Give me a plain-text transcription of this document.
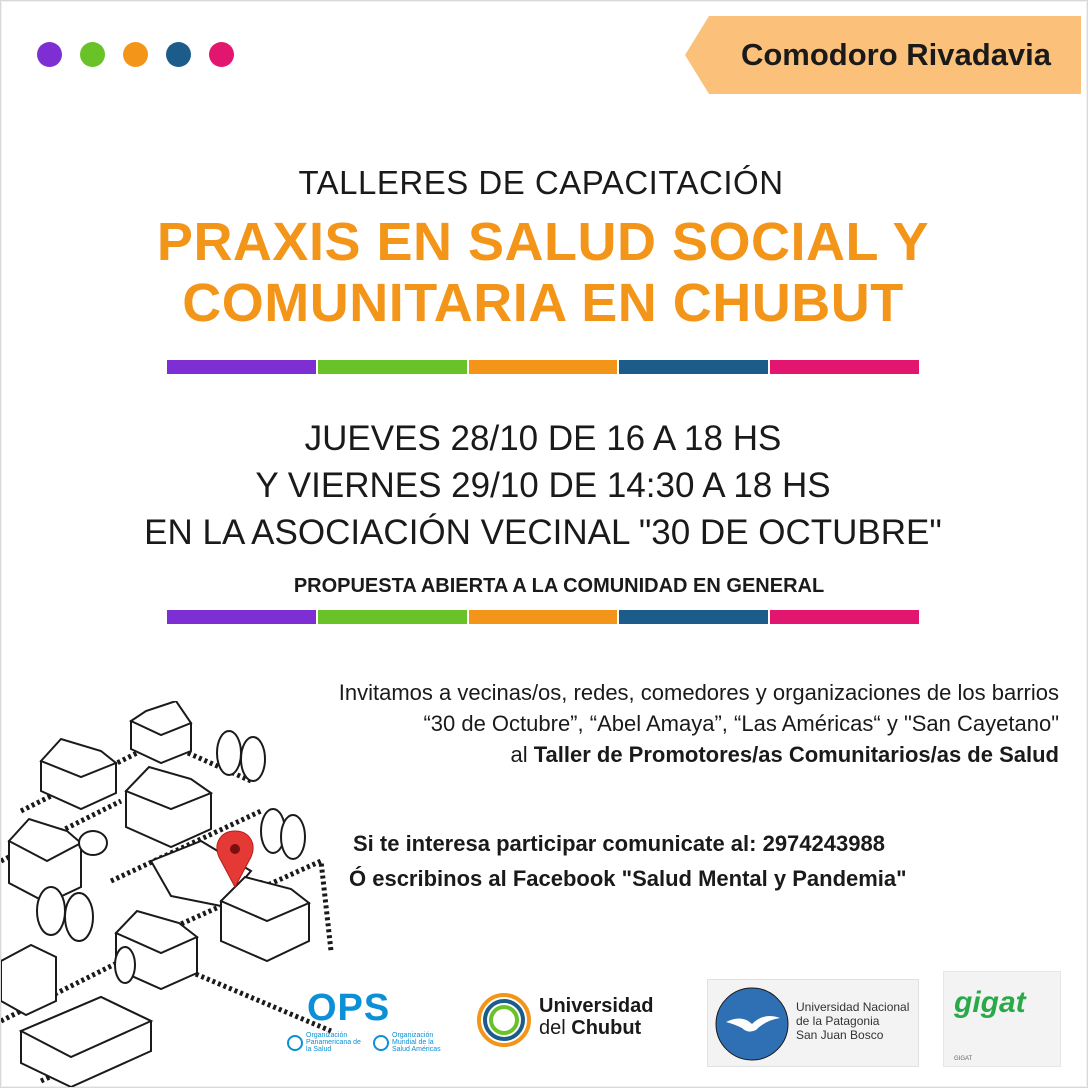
Comodoro Rivadavia
TALLERES DE CAPACITACIÓN
PRAXIS EN SALUD SOCIAL Y
COMUNITARIA EN CHUBUT
JUEVES 28/10 DE 16 A 18 HS
Y VIERNES 29/10 DE 14:30 A 18 HS
EN LA ASOCIACIÓN VECINAL "30 DE OCTUBRE"
PROPUESTA ABIERTA A LA COMUNIDAD EN GENERAL
Invitamos a vecinas/os, redes, comedores y organizaciones de los barrios
“30 de Octubre”, “Abel Amaya”, “Las Américas“ y "San Cayetano"
al Taller de Promotores/as Comunitarios/as de Salud
Si te interesa participar comunicate al: 2974243988
Ó escribinos al Facebook "Salud Mental y Pandemia"
OPS
Organización Panamericana de la Salud
Organización Mundial de la Salud Américas
Universidad
del Chubut
Universidad Nacional
de la Patagonia
San Juan Bosco
gigat
GIGAT
